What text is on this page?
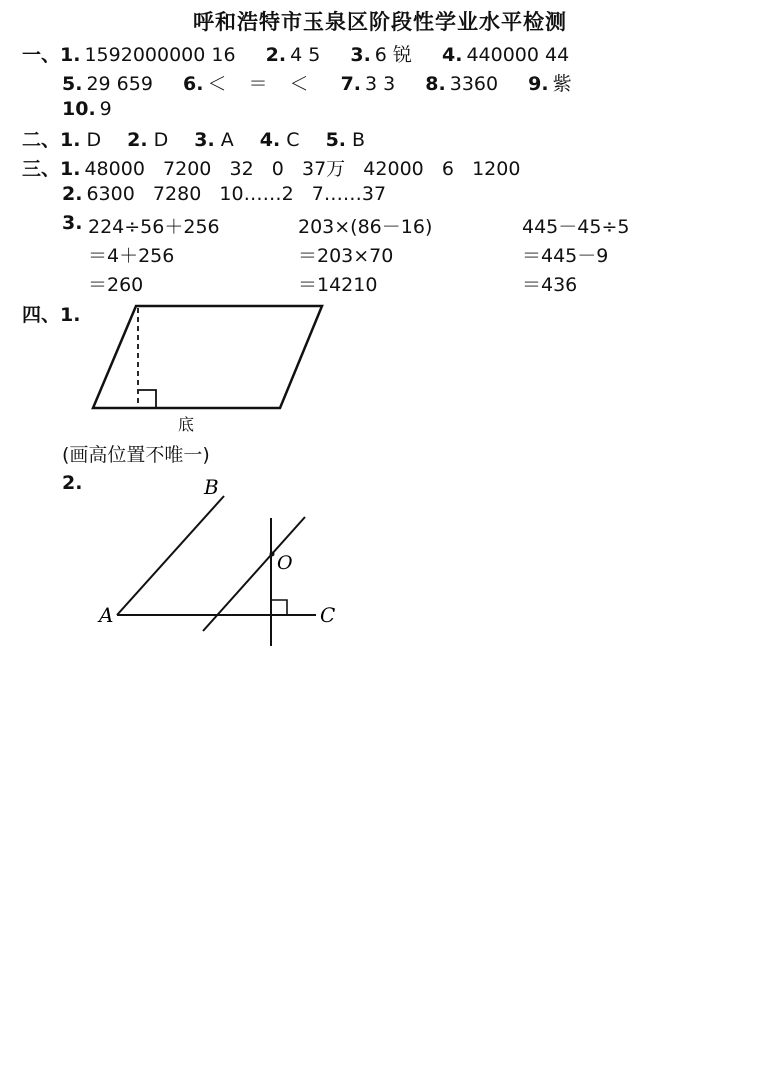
呼和浩特市玉泉区阶段性学业水平检测
一、1. 1592000000 16 2. 4 5 3. 6 锐 4. 440000 44
5. 29 659 6. ＜ ＝ ＜ 7. 3 3 8. 3360 9. 紫
10. 9
二、1. D 2. D 3. A 4. C 5. B
三、1. 48000   7200   32   0   37万   42000   6   1200
2. 6300   7280   10……2   7……37
3. 224÷56＋256
＝4＋256
＝260
203×(86－16)
＝203×70
＝14210
445－45÷5
＝445－9
＝436
四、1.
底
(画高位置不唯一)
2.	B
O
A	C
